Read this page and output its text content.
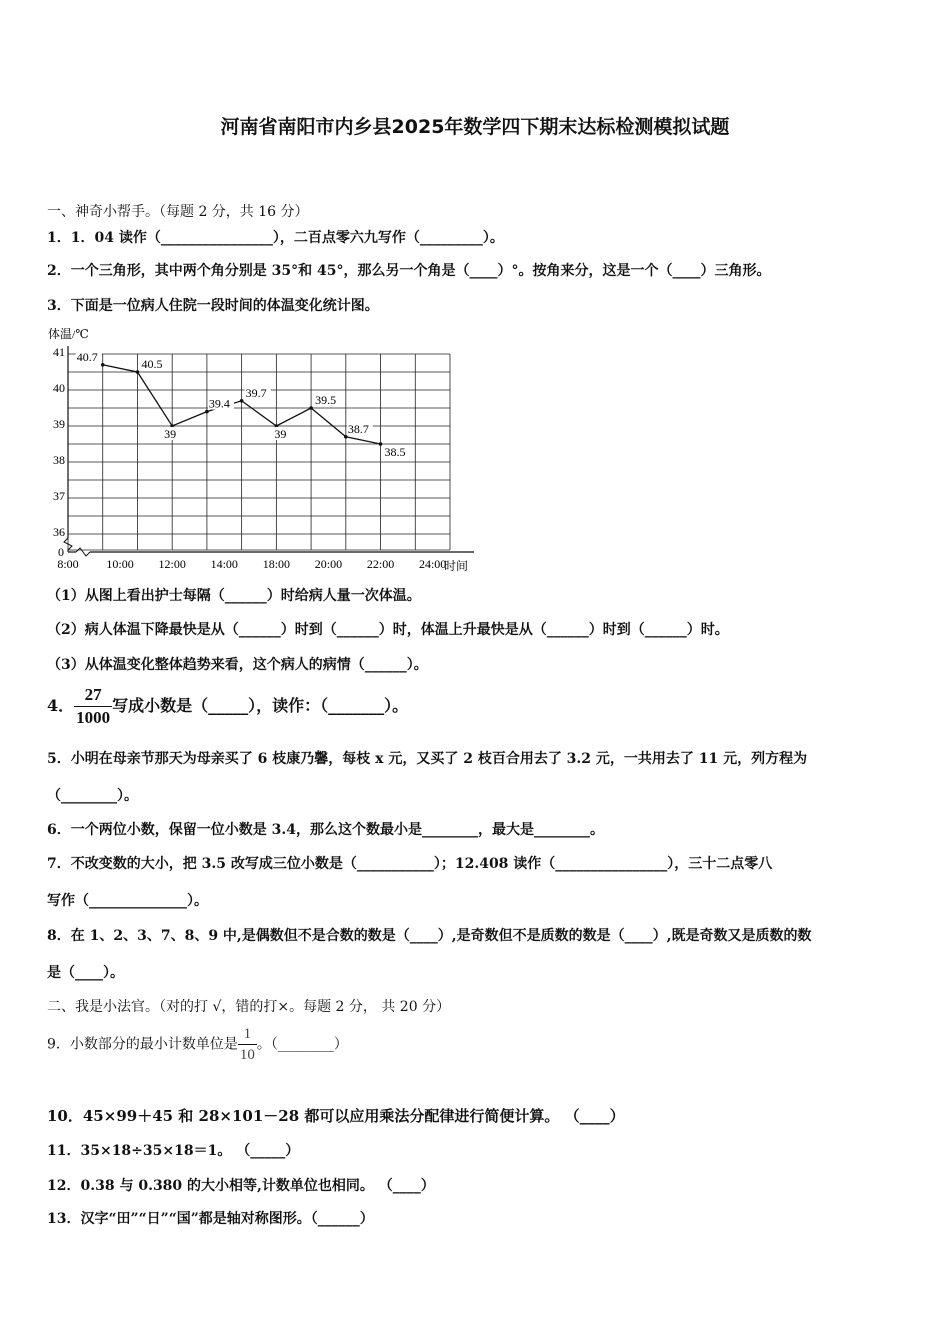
河南省南阳市内乡县2025年数学四下期末达标检测模拟试题
一、神奇小帮手。（每题 2 分，共 16 分）
1．1．04 读作（________________），二百点零六九写作（_________）。
2．一个三角形，其中两个角分别是 35°和 45°，那么另一个角是（____）°。按角来分，这是一个（____）三角形。
3．下面是一位病人住院一段时间的体温变化统计图。
体温/℃
0
36
37
38
39
40
41
8:00 10:00 12:00 14:00 18:00 20:00 22:00 24:00
时间
40.7
40.5
39
39.4
39.7
39
39.5
38.7
38.5
（1）从图上看出护士每隔（______）时给病人量一次体温。
（2）病人体温下降最快是从（______）时到（______）时，体温上升最快是从（______）时到（______）时。
（3）从体温变化整体趋势来看，这个病人的病情（______）。
4． $\frac{27}{1000}$ 写成小数是（_____），读作：（_______）。
5．小明在母亲节那天为母亲买了 6 枝康乃馨，每枝 x 元，又买了 2 枝百合用去了 3.2 元，一共用去了 11 元，列方程为
（________）。
6．一个两位小数，保留一位小数是 3.4，那么这个数最小是________，最大是________。
7．不改变数的大小，把 3.5 改写成三位小数是（___________）；12.408 读作（________________），三十二点零八
写作（______________）。
8．在 1、2、3、7、8、9 中,是偶数但不是合数的数是（____）,是奇数但不是质数的数是（____）,既是奇数又是质数的数
是（____）。
二、我是小法官。（对的打 √，错的打×。每题 2 分， 共 20 分）
9．小数部分的最小计数单位是 $\frac{1}{10}$ 。（________）
10．45×99＋45 和 28×101－28 都可以应用乘法分配律进行简便计算。 （____）
11．35×18÷35×18＝1。 （_____）
12．0.38 与 0.380 的大小相等,计数单位也相同。 （____）
13．汉字“田”“日”“国”都是轴对称图形。（______）
